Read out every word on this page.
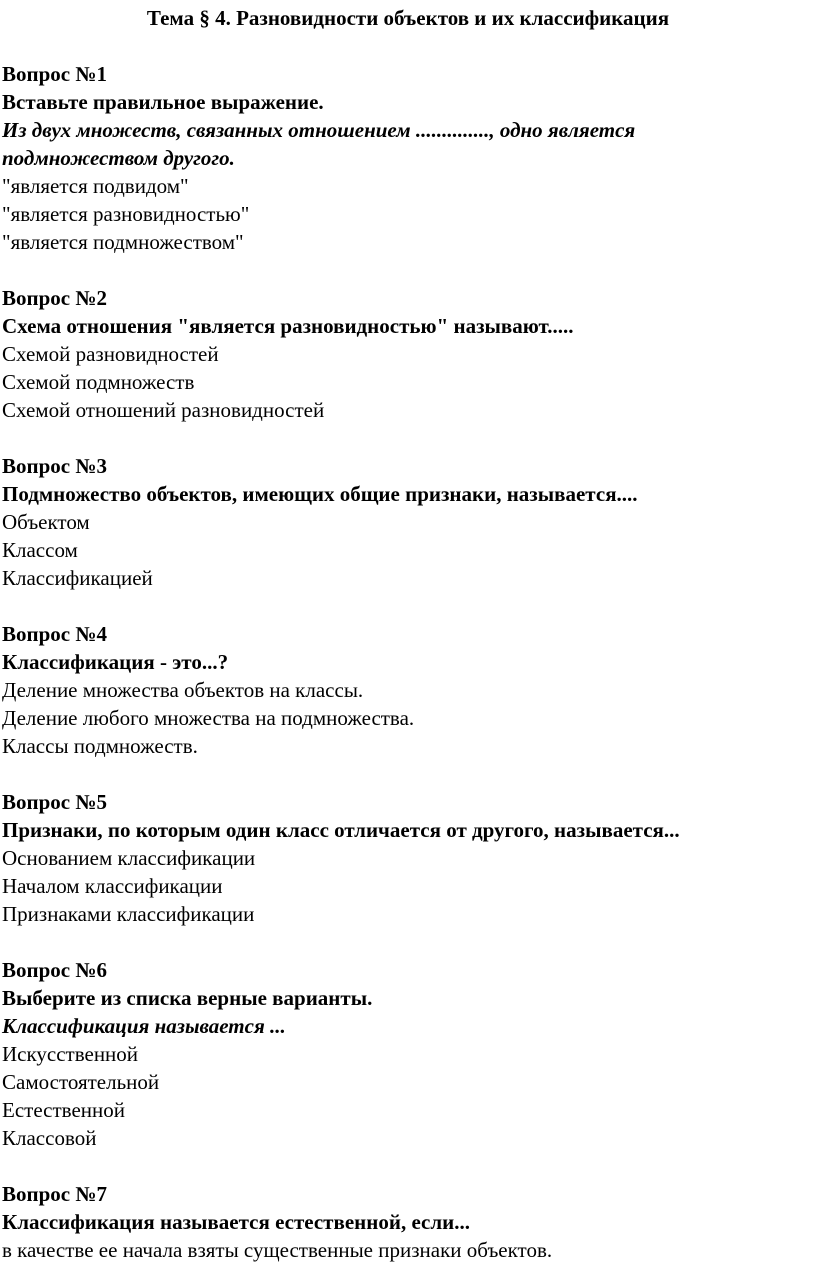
Тема § 4. Разновидности объектов и их классификация
Вопрос №1
Вставьте правильное выражение.
Из двух множеств, связанных отношением .............., одно является
подмножеством другого.
"является подвидом"
"является разновидностью"
"является подмножеством"
Вопрос №2
Схема отношения "является разновидностью" называют.....
Схемой разновидностей
Схемой подмножеств
Схемой отношений разновидностей
Вопрос №3
Подмножество объектов, имеющих общие признаки, называется....
Объектом
Классом
Классификацией
Вопрос №4
Классификация - это...?
Деление множества объектов на классы.
Деление любого множества на подмножества.
Классы подмножеств.
Вопрос №5
Признаки, по которым один класс отличается от другого, называется...
Основанием классификации
Началом классификации
Признаками классификации
Вопрос №6
Выберите из списка верные варианты.
Классификация называется ...
Искусственной
Самостоятельной
Естественной
Классовой
Вопрос №7
Классификация называется естественной, если...
в качестве ее начала взяты существенные признаки объектов.
